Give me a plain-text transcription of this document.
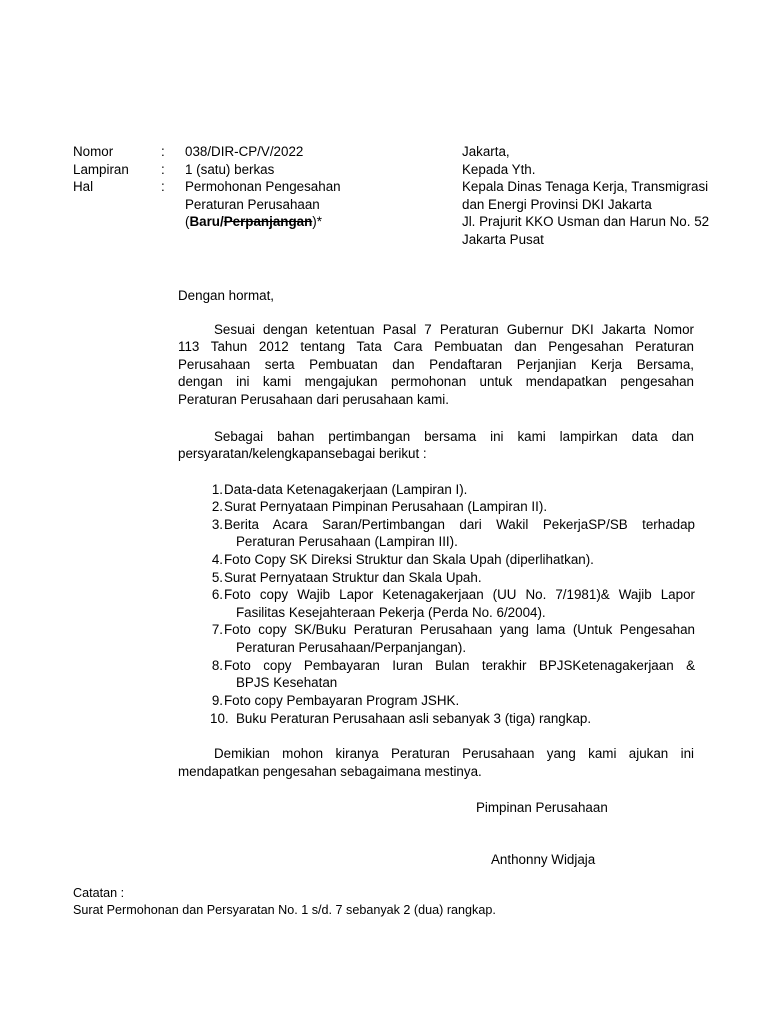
Nomor	: 038/DIR-CP/V/2022
Lampiran : 1 (satu) berkas
Hal	: Permohonan Pengesahan
Peraturan Perusahaan
(Baru/Perpanjangan)*
Jakarta,
Kepada Yth.
Kepala Dinas Tenaga Kerja, Transmigrasi
dan Energi Provinsi DKI Jakarta
Jl. Prajurit KKO Usman dan Harun No. 52
Jakarta Pusat
Dengan hormat,
Sesuai dengan ketentuan Pasal 7 Peraturan Gubernur DKI Jakarta Nomor
113 Tahun 2012 tentang Tata Cara Pembuatan dan Pengesahan Peraturan
Perusahaan serta Pembuatan dan Pendaftaran Perjanjian Kerja Bersama,
dengan ini kami mengajukan permohonan untuk mendapatkan pengesahan
Peraturan Perusahaan dari perusahaan kami.
Sebagai bahan pertimbangan bersama ini kami lampirkan data dan
persyaratan/kelengkapansebagai berikut :
1. Data-data Ketenagakerjaan (Lampiran I).
2. Surat Pernyataan Pimpinan Perusahaan (Lampiran II).
3. Berita Acara Saran/Pertimbangan dari Wakil PekerjaSP/SB terhadap
Peraturan Perusahaan (Lampiran III).
4. Foto Copy SK Direksi Struktur dan Skala Upah (diperlihatkan).
5. Surat Pernyataan Struktur dan Skala Upah.
6. Foto copy Wajib Lapor Ketenagakerjaan (UU No. 7/1981)& Wajib Lapor
Fasilitas Kesejahteraan Pekerja (Perda No. 6/2004).
7. Foto copy SK/Buku Peraturan Perusahaan yang lama (Untuk Pengesahan
Peraturan Perusahaan/Perpanjangan).
8. Foto copy Pembayaran Iuran Bulan terakhir BPJSKetenagakerjaan &
BPJS Kesehatan
9. Foto copy Pembayaran Program JSHK.
10. Buku Peraturan Perusahaan asli sebanyak 3 (tiga) rangkap.
Demikian mohon kiranya Peraturan Perusahaan yang kami ajukan ini
mendapatkan pengesahan sebagaimana mestinya.
Pimpinan Perusahaan
Anthonny Widjaja
Catatan :
Surat Permohonan dan Persyaratan No. 1 s/d. 7 sebanyak 2 (dua) rangkap.
